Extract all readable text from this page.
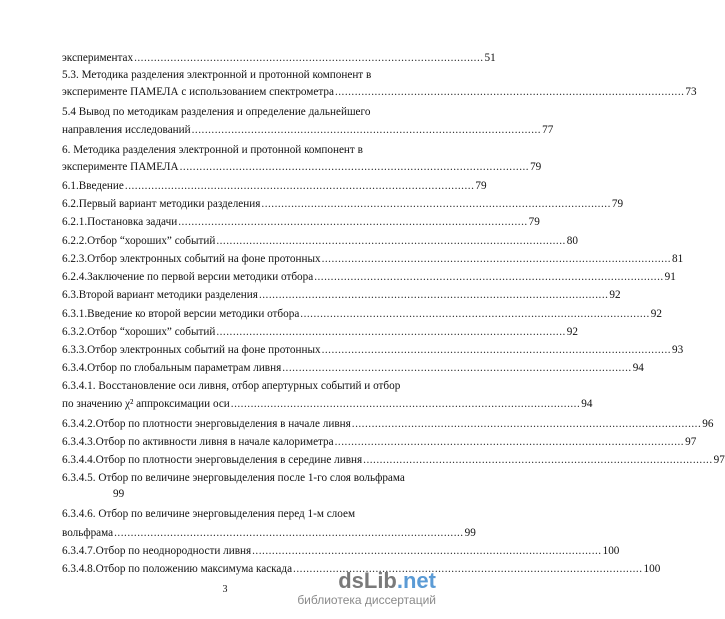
экспериментах .......................................................................................................... 51
5.3. Методика разделения электронной и протонной компонент в
эксперименте ПАМЕЛА с использованием спектрометра .......................................................................................................... 73
5.4 Вывод по методикам разделения и определение дальнейшего
направления исследований .......................................................................................................... 77
6. Методика разделения электронной и протонной компонент в
эксперименте ПАМЕЛА .......................................................................................................... 79
6.1. Введение .......................................................................................................... 79
6.2. Первый вариант методики разделения .......................................................................................................... 79
6.2.1. Постановка задачи .......................................................................................................... 79
6.2.2. Отбор “хороших” событий .......................................................................................................... 80
6.2.3. Отбор электронных событий на фоне протонных .......................................................................................................... 81
6.2.4. Заключение по первой версии методики отбора .......................................................................................................... 91
6.3. Второй вариант методики разделения .......................................................................................................... 92
6.3.1. Введение ко второй версии методики отбора .......................................................................................................... 92
6.3.2. Отбор “хороших” событий .......................................................................................................... 92
6.3.3. Отбор электронных событий на фоне протонных .......................................................................................................... 93
6.3.4. Отбор по глобальным параметрам ливня .......................................................................................................... 94
6.3.4.1. Восстановление оси ливня, отбор апертурных событий и отбор
по значению χ² аппроксимации оси .......................................................................................................... 94
6.3.4.2. Отбор по плотности энерговыделения в начале ливня .......................................................................................................... 96
6.3.4.3. Отбор по активности ливня в начале калориметра .......................................................................................................... 97
6.3.4.4. Отбор по плотности энерговыделения в середине ливня .......................................................................................................... 97
6.3.4.5. Отбор по величине энерговыделения после 1-го слоя вольфрама
99
6.3.4.6. Отбор по величине энерговыделения перед 1-м слоем
вольфрама .......................................................................................................... 99
6.3.4.7. Отбор по неоднородности ливня .......................................................................................................... 100
6.3.4.8. Отбор по положению максимума каскада .......................................................................................................... 100
3	dsLib.net
библиотека диссертаций
